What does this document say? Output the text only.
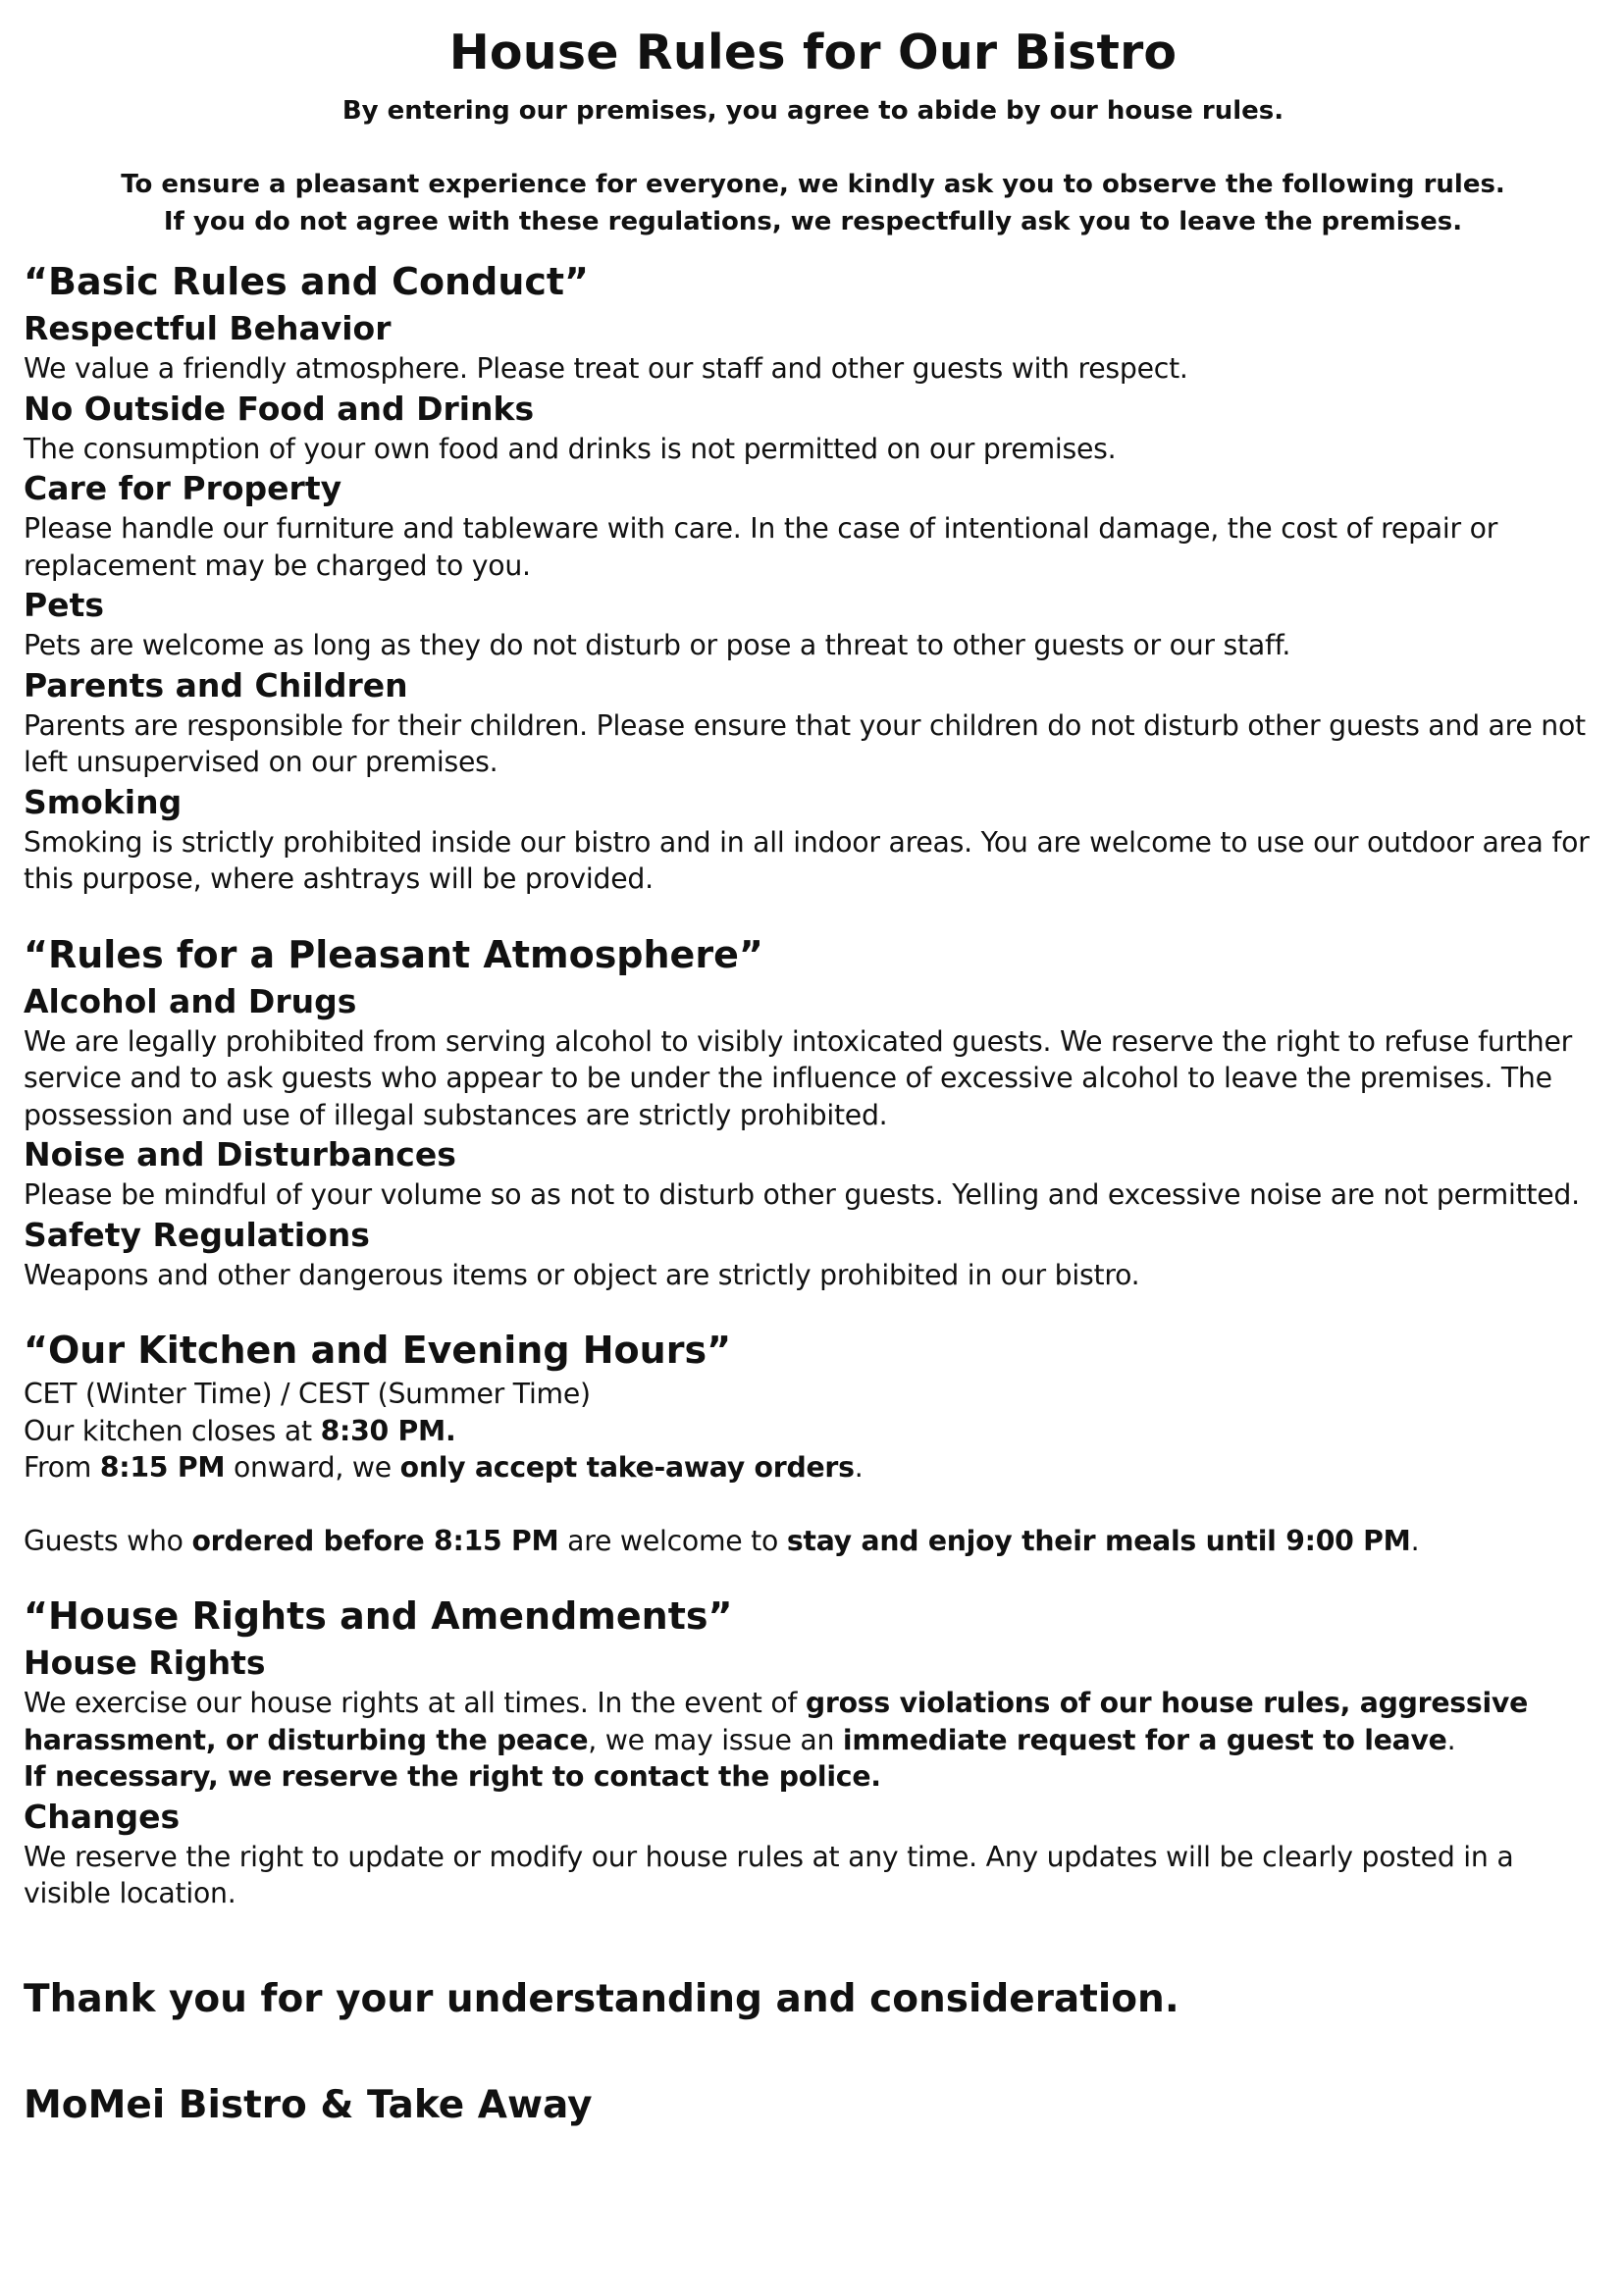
House Rules for Our Bistro

By entering our premises, you agree to abide by our house rules.

To ensure a pleasant experience for everyone, we kindly ask you to observe the following rules.

If you do not agree with these regulations, we respectfully ask you to leave the premises.

“Basic Rules and Conduct”
Respectful Behavior

We value a friendly atmosphere. Please treat our staff and other guests with respect.

No Outside Food and Drinks

The consumption of your own food and drinks is not permitted on our premises.

Care for Property

Please handle our furniture and tableware with care. In the case of intentional damage, the cost of repair or replacement may be charged to you.

Pets

Pets are welcome as long as they do not disturb or pose a threat to other guests or our staff.

Parents and Children

Parents are responsible for their children. Please ensure that your children do not disturb other guests and are not left unsupervised on our premises.

Smoking

Smoking is strictly prohibited inside our bistro and in all indoor areas. You are welcome to use our outdoor area for this purpose, where ashtrays will be provided.

“Rules for a Pleasant Atmosphere”
Alcohol and Drugs

We are legally prohibited from serving alcohol to visibly intoxicated guests. We reserve the right to refuse further service and to ask guests who appear to be under the influence of excessive alcohol to leave the premises. The possession and use of illegal substances are strictly prohibited.

Noise and Disturbances

Please be mindful of your volume so as not to disturb other guests. Yelling and excessive noise are not permitted.

Safety Regulations

Weapons and other dangerous items or object are strictly prohibited in our bistro.

“Our Kitchen and Evening Hours”

CET (Winter Time) / CEST (Summer Time)

Our kitchen closes at 8:30 PM.

From 8:15 PM onward, we only accept take-away orders.

Guests who ordered before 8:15 PM are welcome to stay and enjoy their meals until 9:00 PM.

“House Rights and Amendments”
House Rights

We exercise our house rights at all times. In the event of gross violations of our house rules, aggressive harassment, or disturbing the peace, we may issue an immediate request for a guest to leave.

If necessary, we reserve the right to contact the police.

Changes

We reserve the right to update or modify our house rules at any time. Any updates will be clearly posted in a visible location.

Thank you for your understanding and consideration.

MoMei Bistro & Take Away
